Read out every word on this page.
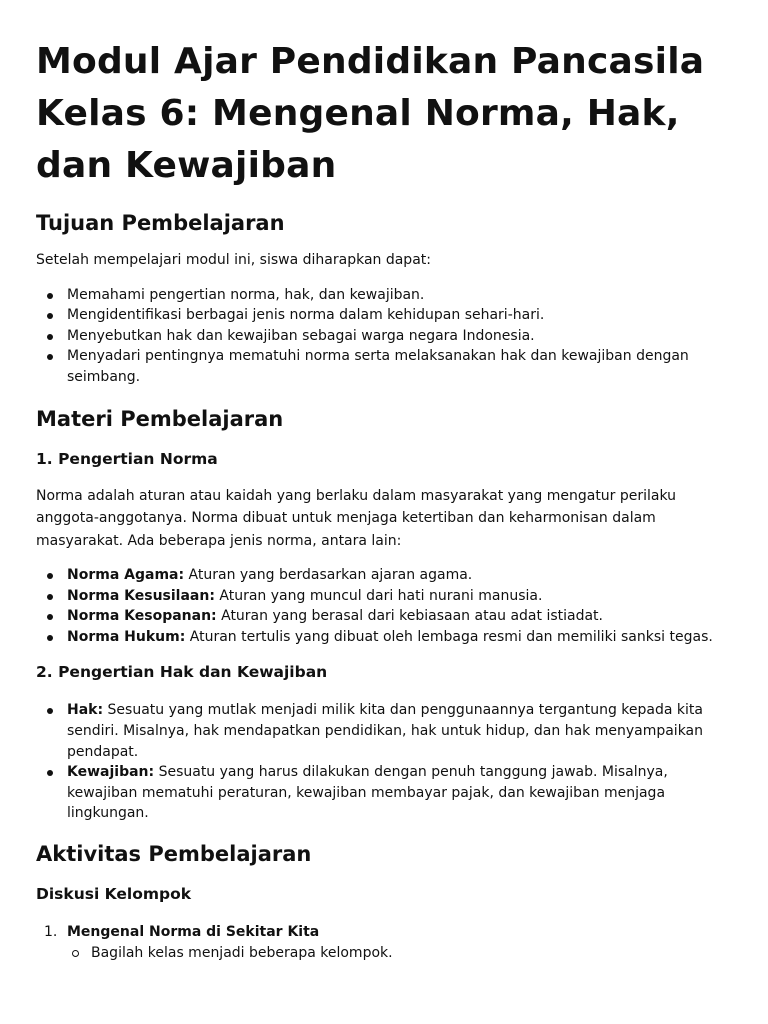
Modul Ajar Pendidikan Pancasila Kelas 6: Mengenal Norma, Hak, dan Kewajiban
Tujuan Pembelajaran

Setelah mempelajari modul ini, siswa diharapkan dapat:

Memahami pengertian norma, hak, dan kewajiban.
Mengidentifikasi berbagai jenis norma dalam kehidupan sehari-hari.
Menyebutkan hak dan kewajiban sebagai warga negara Indonesia.
Menyadari pentingnya mematuhi norma serta melaksanakan hak dan kewajiban dengan seimbang.
Materi Pembelajaran
1. Pengertian Norma

Norma adalah aturan atau kaidah yang berlaku dalam masyarakat yang mengatur perilaku anggota-anggotanya. Norma dibuat untuk menjaga ketertiban dan keharmonisan dalam masyarakat. Ada beberapa jenis norma, antara lain:

Norma Agama: Aturan yang berdasarkan ajaran agama.
Norma Kesusilaan: Aturan yang muncul dari hati nurani manusia.
Norma Kesopanan: Aturan yang berasal dari kebiasaan atau adat istiadat.
Norma Hukum: Aturan tertulis yang dibuat oleh lembaga resmi dan memiliki sanksi tegas.
2. Pengertian Hak dan Kewajiban
Hak: Sesuatu yang mutlak menjadi milik kita dan penggunaannya tergantung kepada kita sendiri. Misalnya, hak mendapatkan pendidikan, hak untuk hidup, dan hak menyampaikan pendapat.
Kewajiban: Sesuatu yang harus dilakukan dengan penuh tanggung jawab. Misalnya, kewajiban mematuhi peraturan, kewajiban membayar pajak, dan kewajiban menjaga lingkungan.
Aktivitas Pembelajaran
Diskusi Kelompok
1. Mengenal Norma di Sekitar Kita
Bagilah kelas menjadi beberapa kelompok.
